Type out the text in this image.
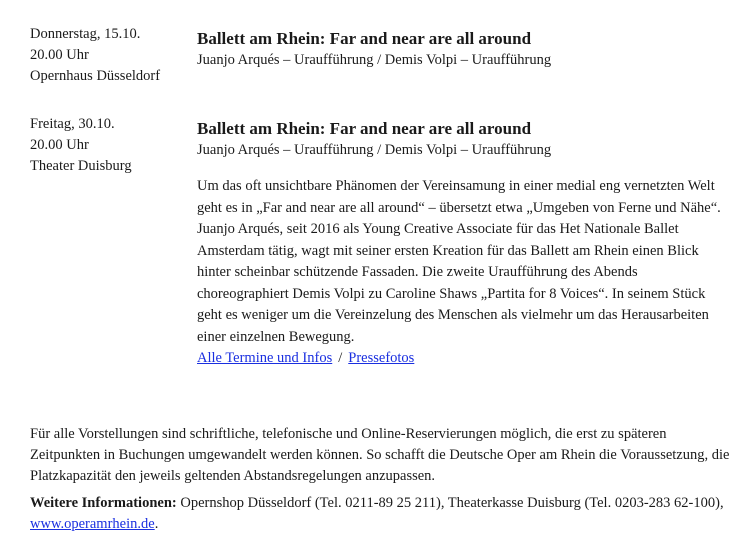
Donnerstag, 15.10.
20.00 Uhr
Opernhaus Düsseldorf
Ballett am Rhein: Far and near are all around
Juanjo Arqués – Uraufführung / Demis Volpi – Uraufführung
Freitag, 30.10.
20.00 Uhr
Theater Duisburg
Ballett am Rhein: Far and near are all around
Juanjo Arqués – Uraufführung / Demis Volpi – Uraufführung
Um das oft unsichtbare Phänomen der Vereinsamung in einer medial eng vernetzten Welt geht es in „Far and near are all around“ – übersetzt etwa „Umgeben von Ferne und Nähe“. Juanjo Arqués, seit 2016 als Young Creative Associate für das Het Nationale Ballet Amsterdam tätig, wagt mit seiner ersten Kreation für das Ballett am Rhein einen Blick hinter scheinbar schützende Fassaden. Die zweite Uraufführung des Abends choreographiert Demis Volpi zu Caroline Shaws „Partita for 8 Voices“. In seinem Stück geht es weniger um die Vereinzelung des Menschen als vielmehr um das Herausarbeiten einer einzelnen Bewegung.
Alle Termine und Infos / Pressefotos
Für alle Vorstellungen sind schriftliche, telefonische und Online-Reservierungen möglich, die erst zu späteren Zeitpunkten in Buchungen umgewandelt werden können. So schafft die Deutsche Oper am Rhein die Voraussetzung, die Platzkapazität den jeweils geltenden Abstandsregelungen anzupassen.
Weitere Informationen: Opernshop Düsseldorf (Tel. 0211-89 25 211), Theaterkasse Duisburg (Tel. 0203-283 62-100), www.operamrhein.de.
